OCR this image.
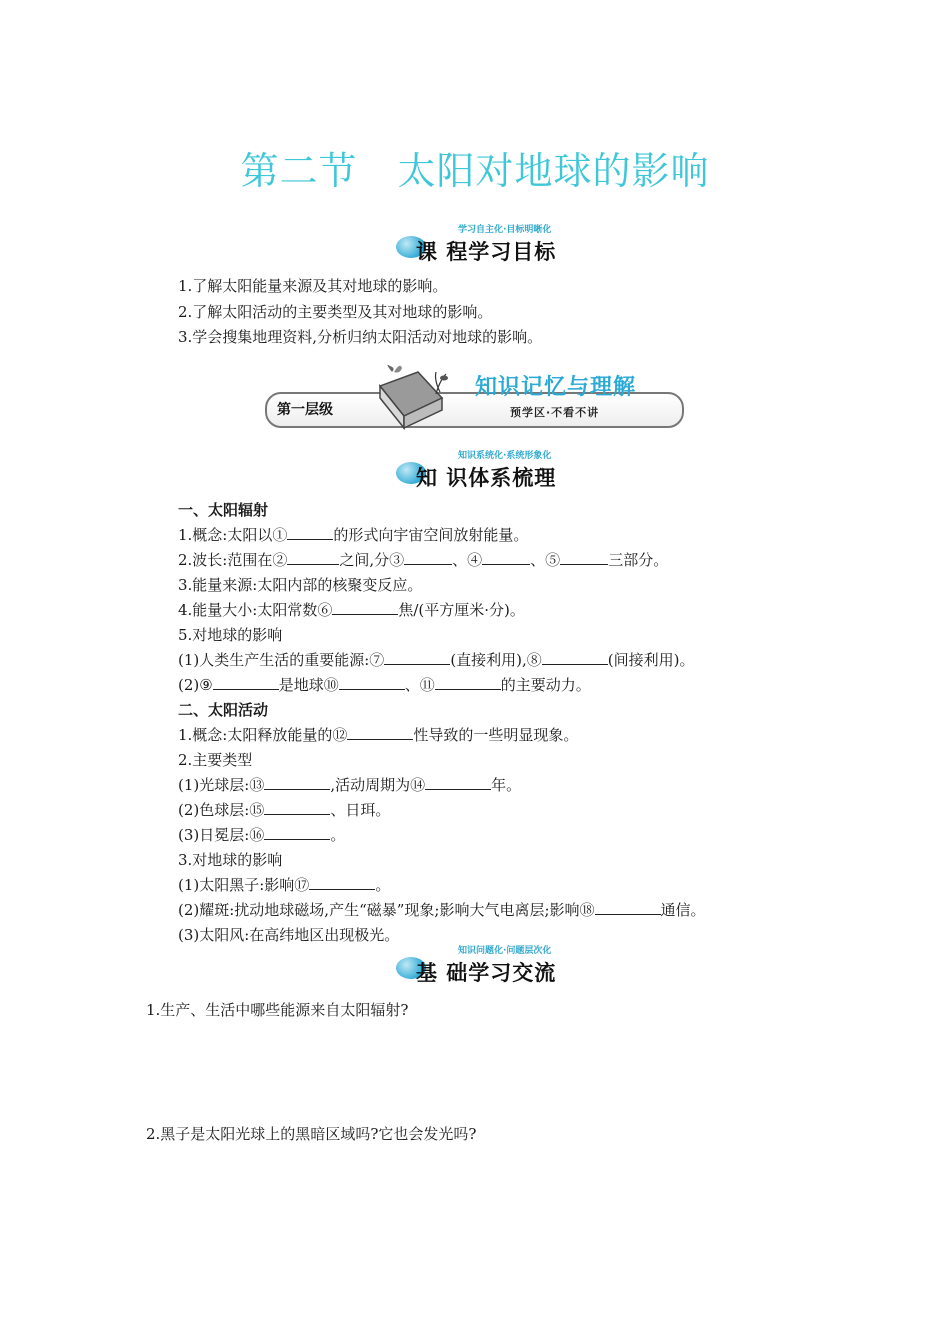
第二节 太阳对地球的影响
学习自主化·目标明晰化
课 程学习目标
1.了解太阳能量来源及其对地球的影响。
2.了解太阳活动的主要类型及其对地球的影响。
3.学会搜集地理资料,分析归纳太阳活动对地球的影响。
第一层级
知识记忆与理解
预学区·不看不讲
知识系统化·系统形象化
知 识体系梳理
一、太阳辐射
1.概念:太阳以①	的形式向宇宙空间放射能量。
2.波长:范围在②	之间,分③	、④	、⑤	三部分。
3.能量来源:太阳内部的核聚变反应。
4.能量大小:太阳常数⑥	焦/(平方厘米·分)。
5.对地球的影响
(1)人类生产生活的重要能源:⑦	(直接利用),⑧	(间接利用)。
(2)⑨	是地球⑩	、⑪	的主要动力。
二、太阳活动
1.概念:太阳释放能量的⑫	性导致的一些明显现象。
2.主要类型
(1)光球层:⑬	,活动周期为⑭	年。
(2)色球层:⑮	、日珥。
(3)日冕层:⑯	。
3.对地球的影响
(1)太阳黑子:影响⑰	。
(2)耀斑:扰动地球磁场,产生“磁暴”现象;影响大气电离层;影响⑱	通信。
(3)太阳风:在高纬地区出现极光。
知识问题化·问题层次化
基 础学习交流
1.生产、生活中哪些能源来自太阳辐射?
2.黑子是太阳光球上的黑暗区域吗?它也会发光吗?
